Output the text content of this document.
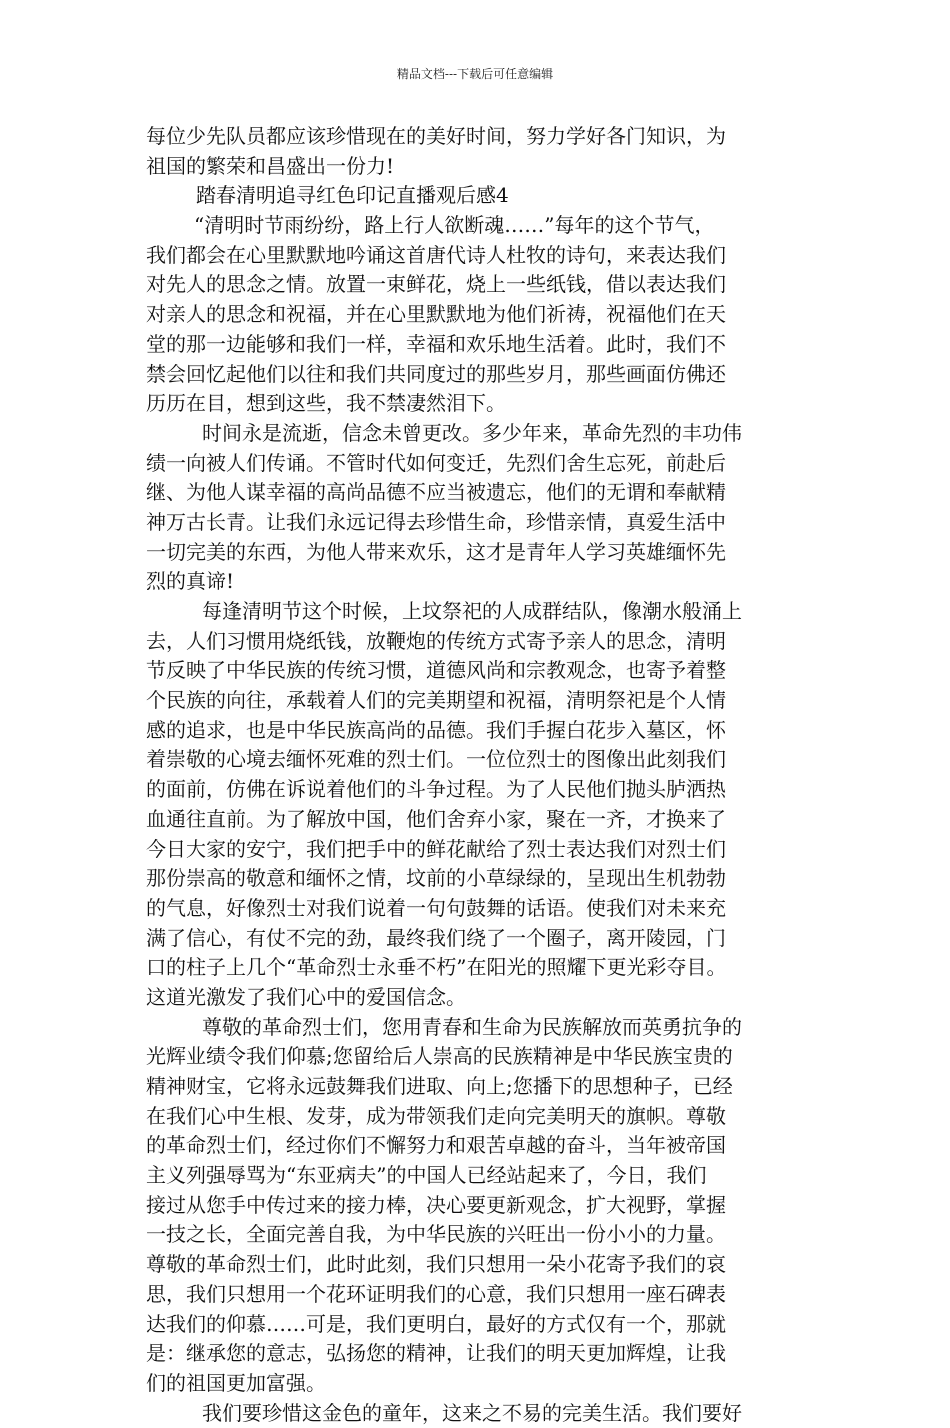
精品文档---下载后可任意编辑
每位少先队员都应该珍惜现在的美好时间，努力学好各门知识，为
祖国的繁荣和昌盛出一份力!
踏春清明追寻红色印记直播观后感4
“清明时节雨纷纷，路上行人欲断魂……”每年的这个节气，
我们都会在心里默默地吟诵这首唐代诗人杜牧的诗句，来表达我们
对先人的思念之情。放置一束鲜花，烧上一些纸钱，借以表达我们
对亲人的思念和祝福，并在心里默默地为他们祈祷，祝福他们在天
堂的那一边能够和我们一样，幸福和欢乐地生活着。此时，我们不
禁会回忆起他们以往和我们共同度过的那些岁月，那些画面仿佛还
历历在目，想到这些，我不禁凄然泪下。
时间永是流逝，信念未曾更改。多少年来，革命先烈的丰功伟
绩一向被人们传诵。不管时代如何变迁，先烈们舍生忘死，前赴后
继、为他人谋幸福的高尚品德不应当被遗忘，他们的无谓和奉献精
神万古长青。让我们永远记得去珍惜生命，珍惜亲情，真爱生活中
一切完美的东西，为他人带来欢乐，这才是青年人学习英雄缅怀先
烈的真谛!
每逢清明节这个时候，上坟祭祀的人成群结队，像潮水般涌上
去，人们习惯用烧纸钱，放鞭炮的传统方式寄予亲人的思念，清明
节反映了中华民族的传统习惯，道德风尚和宗教观念，也寄予着整
个民族的向往，承载着人们的完美期望和祝福，清明祭祀是个人情
感的追求，也是中华民族高尚的品德。我们手握白花步入墓区，怀
着崇敬的心境去缅怀死难的烈士们。一位位烈士的图像出此刻我们
的面前，仿佛在诉说着他们的斗争过程。为了人民他们抛头胪洒热
血通往直前。为了解放中国，他们舍弃小家，聚在一齐，才换来了
今日大家的安宁，我们把手中的鲜花献给了烈士表达我们对烈士们
那份崇高的敬意和缅怀之情，坟前的小草绿绿的，呈现出生机勃勃
的气息，好像烈士对我们说着一句句鼓舞的话语。使我们对未来充
满了信心，有仗不完的劲，最终我们绕了一个圈子，离开陵园，门
口的柱子上几个“革命烈士永垂不朽”在阳光的照耀下更光彩夺目。
这道光激发了我们心中的爱国信念。
尊敬的革命烈士们，您用青春和生命为民族解放而英勇抗争的
光辉业绩令我们仰慕;您留给后人崇高的民族精神是中华民族宝贵的
精神财宝，它将永远鼓舞我们进取、向上;您播下的思想种子，已经
在我们心中生根、发芽，成为带领我们走向完美明天的旗帜。尊敬
的革命烈士们，经过你们不懈努力和艰苦卓越的奋斗，当年被帝国
主义列强辱骂为“东亚病夫”的中国人已经站起来了，今日，我们
接过从您手中传过来的接力棒，决心要更新观念，扩大视野，掌握
一技之长，全面完善自我，为中华民族的兴旺出一份小小的力量。
尊敬的革命烈士们，此时此刻，我们只想用一朵小花寄予我们的哀
思，我们只想用一个花环证明我们的心意，我们只想用一座石碑表
达我们的仰慕……可是，我们更明白，最好的方式仅有一个，那就
是：继承您的意志，弘扬您的精神，让我们的明天更加辉煌，让我
们的祖国更加富强。
我们要珍惜这金色的童年，这来之不易的完美生活。我们要好
